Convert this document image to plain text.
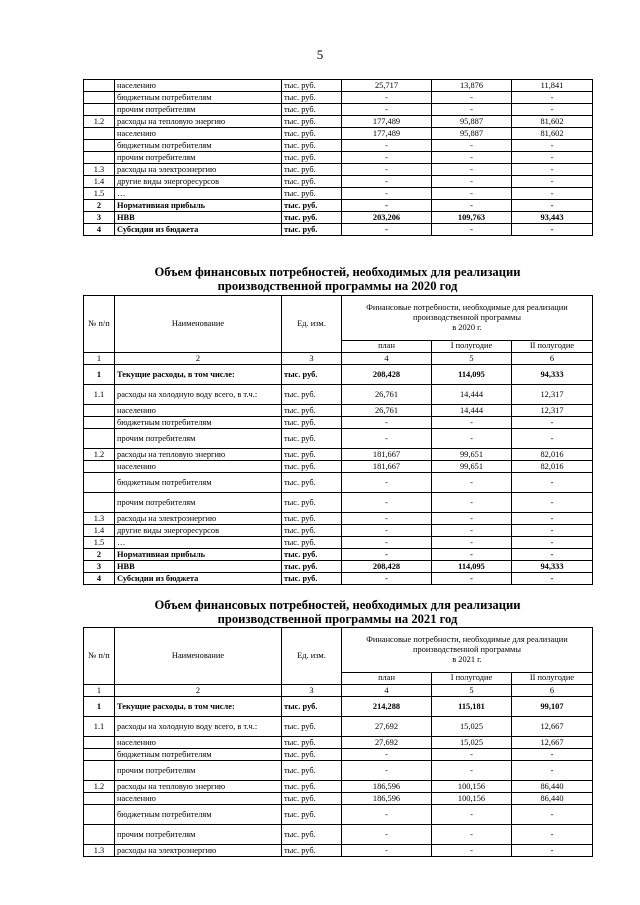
5
	населению	тыс. руб.	25,717	13,876	11,841
	бюджетным потребителям	тыс. руб.	-	-	-
	прочим потребителям	тыс. руб.	-	-	-
1.2	расходы на тепловую энергию	тыс. руб.	177,489	95,887	81,602
	населению	тыс. руб.	177,489	95,887	81,602
	бюджетным потребителям	тыс. руб.	-	-	-
	прочим потребителям	тыс. руб.	-	-	-
1.3	расходы на электроэнергию	тыс. руб.	-	-	-
1.4	другие виды энергоресурсов	тыс. руб.	-	-	-
1.5	…	тыс. руб.	-	-	-
2	Нормативная прибыль	тыс. руб.	-	-	-
3	НВВ	тыс. руб.	203,206	109,763	93,443
4	Субсидии из бюджета	тыс. руб.	-	-	-
Объем финансовых потребностей, необходимых для реализации
производственной программы на 2020 год
№ п/п	Наименование	Ед. изм.	Финансовые потребности, необходимые для реализации
производственной программы
в 2020 г.		

			план	I полугодие	II полугодие
1	2	3	4	5	6
1	Текущие расходы, в том числе:	тыс. руб.	208,428	114,095	94,333
1.1	расходы на холодную воду всего, в т.ч.:	тыс. руб.	26,761	14,444	12,317
	населению	тыс. руб.	26,761	14,444	12,317
	бюджетным потребителям	тыс. руб.	-	-	-
	прочим потребителям	тыс. руб.	-	-	-
1.2	расходы на тепловую энергию	тыс. руб.	181,667	99,651	82,016
	населению	тыс. руб.	181,667	99,651	82,016
	бюджетным потребителям	тыс. руб.	-	-	-
	прочим потребителям	тыс. руб.	-	-	-
1.3	расходы на электроэнергию	тыс. руб.	-	-	-
1.4	другие виды энергоресурсов	тыс. руб.	-	-	-
1.5	…	тыс. руб.	-	-	-
2	Нормативная прибыль	тыс. руб.	-	-	-
3	НВВ	тыс. руб.	208,428	114,095	94,333
4	Субсидии из бюджета	тыс. руб.	-	-	-
Объем финансовых потребностей, необходимых для реализации
производственной программы на 2021 год
№ п/п	Наименование	Ед. изм.	Финансовые потребности, необходимые для реализации
производственной программы
в 2021 г.		

			план	I полугодие	II полугодие
1	2	3	4	5	6
1	Текущие расходы, в том числе:	тыс. руб.	214,288	115,181	99,107
1.1	расходы на холодную воду всего, в т.ч.:	тыс. руб.	27,692	15,025	12,667
	населению	тыс. руб.	27,692	15,025	12,667
	бюджетным потребителям	тыс. руб.	-	-	-
	прочим потребителям	тыс. руб.	-	-	-
1.2	расходы на тепловую энергию	тыс. руб.	186,596	100,156	86,440
	населению	тыс. руб.	186,596	100,156	86,440
	бюджетным потребителям	тыс. руб.	-	-	-
	прочим потребителям	тыс. руб.	-	-	-
1.3	расходы на электроэнергию	тыс. руб.	-	-	-
